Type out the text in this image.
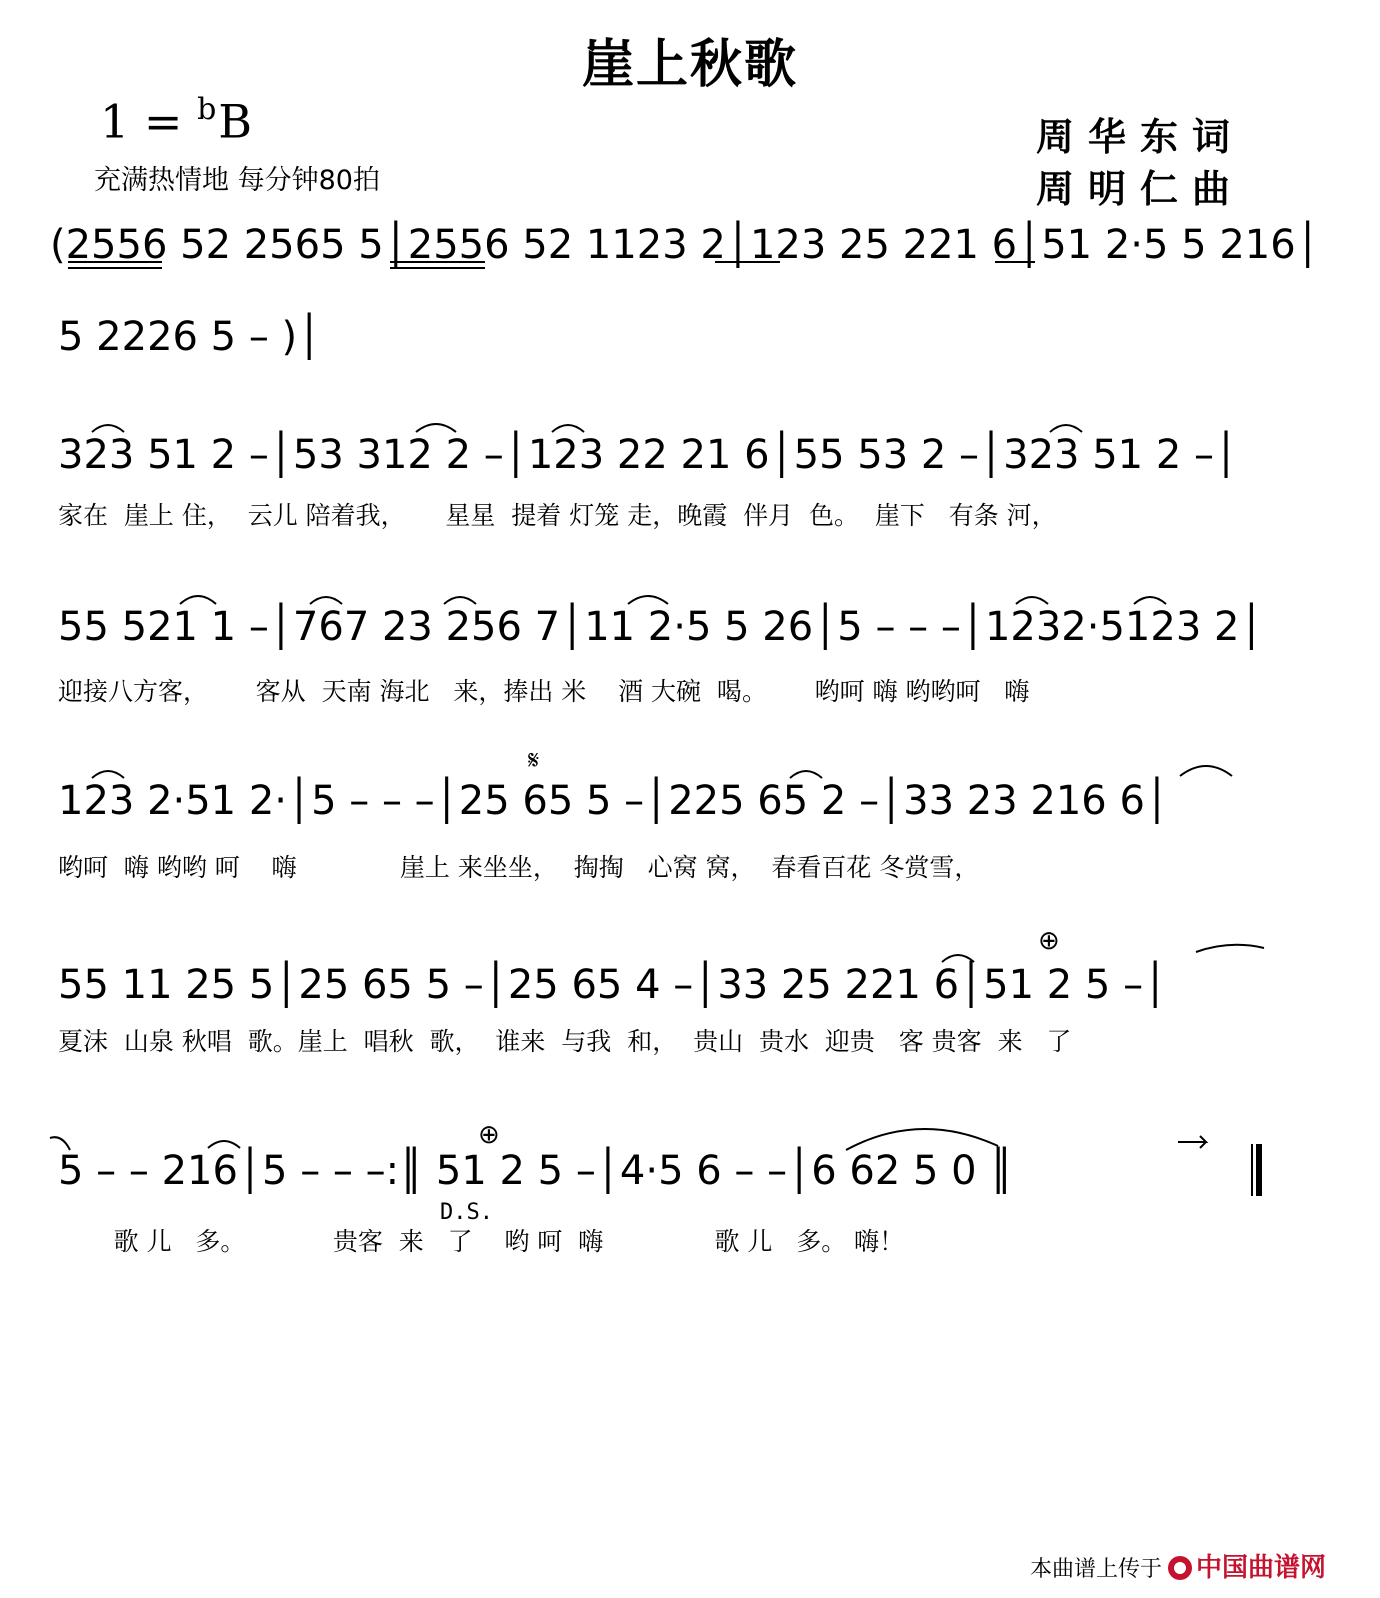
崖上秋歌
1 = $^b$B
充满热情地 每分钟80拍
周华东词
周明仁曲
(2556 52 2565 5│2556 52 1123 2│123 25 221 6│51 2·5 5 216│
5 2226 5 – )│
323 51 2 –│53 312 2 –│123 22 21 6│55 53 2 –│323 51 2 –│
家在  崖上 住，  云儿 陪着我，     星星  提着 灯笼 走，晚霞  伴月  色。  崖下   有条 河，
55 521 1 –│767 23 256 7│11 2·5 5 26│5 – – –│1232·5123 2│
迎接八方客，      客从  天南 海北   来，捧出 米    酒 大碗  喝。      哟呵 嗨 哟哟呵   嗨
𝄋
123 2·51 2·│5 – – –│25 65 5 –│225 65 2 –│33 23 216 6│
哟呵  嗨 哟哟 呵    嗨             崖上 来坐坐，  掏掏   心窝 窝，  春看百花 冬赏雪，
⊕
55 11 25 5│25 65 5 –│25 65 4 –│33 25 221 6│51 2 5 –│
夏沫  山泉 秋唱  歌。崖上  唱秋  歌，  谁来  与我  和，  贵山  贵水  迎贵   客 贵客  来   了
⊕
5 – – 216│5 – – –:║ 51 2 5 –│4·5 6 – –│6 62 5 0 ║
D.S.
歌 儿   多。           贵客  来   了    哟 呵  嗨              歌 儿   多。 嗨！
本曲谱上传于 中国曲谱网
